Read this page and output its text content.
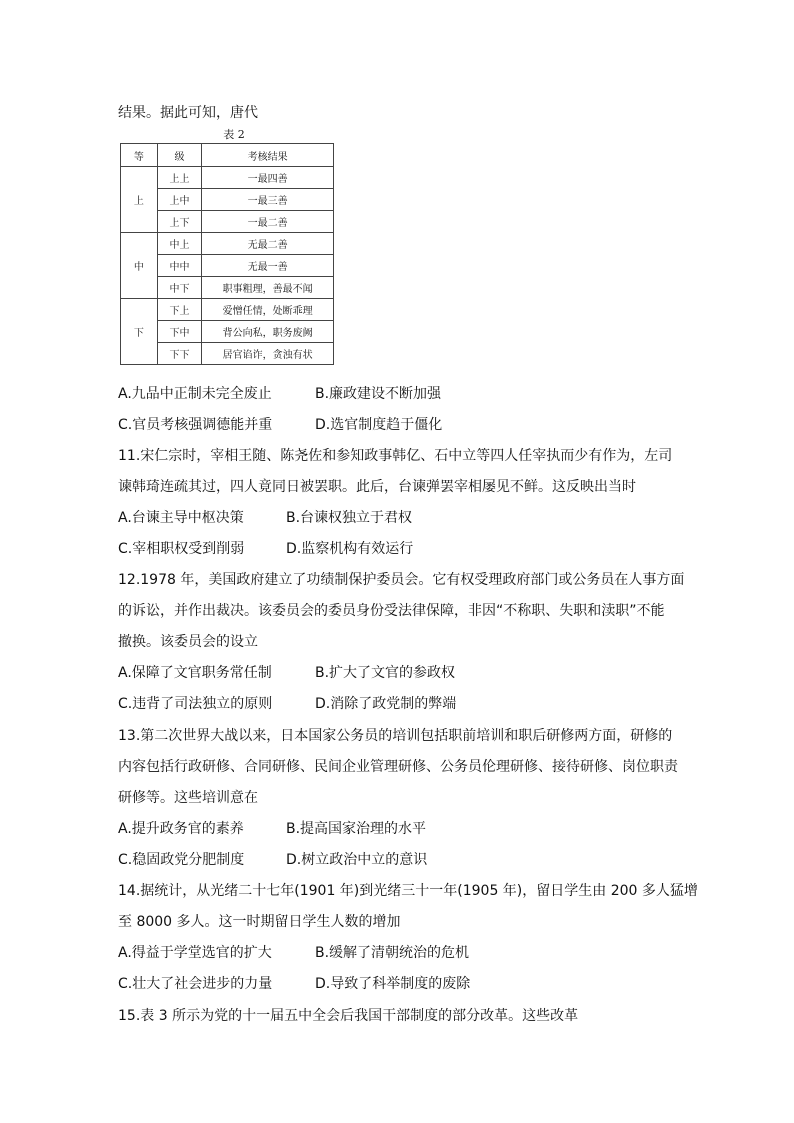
结果。据此可知，唐代
表 2
等	级	考核结果
上	上上	一最四善
	上中	一最三善
	上下	一最二善
中	中上	无最二善
	中中	无最一善
	中下	职事粗理，善最不闻
下	下上	爱憎任情，处断乖理
	下中	背公向私，职务废阙
	下下	居官谄诈，贪浊有状
A.九品中正制未完全废止	B.廉政建设不断加强
C.官员考核强调德能并重	D.选官制度趋于僵化
11.宋仁宗时，宰相王随、陈尧佐和参知政事韩亿、石中立等四人任宰执而少有作为，左司
谏韩琦连疏其过，四人竟同日被罢职。此后，台谏弹罢宰相屡见不鲜。这反映出当时
A.台谏主导中枢决策	B.台谏权独立于君权
C.宰相职权受到削弱	D.监察机构有效运行
12.1978 年，美国政府建立了功绩制保护委员会。它有权受理政府部门或公务员在人事方面
的诉讼，并作出裁决。该委员会的委员身份受法律保障，非因“不称职、失职和渎职”不能
撤换。该委员会的设立
A.保障了文官职务常任制	B.扩大了文官的参政权
C.违背了司法独立的原则	D.消除了政党制的弊端
13.第二次世界大战以来，日本国家公务员的培训包括职前培训和职后研修两方面，研修的
内容包括行政研修、合同研修、民间企业管理研修、公务员伦理研修、接待研修、岗位职责
研修等。这些培训意在
A.提升政务官的素养	B.提高国家治理的水平
C.稳固政党分肥制度	D.树立政治中立的意识
14.据统计，从光绪二十七年(1901 年)到光绪三十一年(1905 年)，留日学生由 200 多人猛增
至 8000 多人。这一时期留日学生人数的增加
A.得益于学堂选官的扩大	B.缓解了清朝统治的危机
C.壮大了社会进步的力量	D.导致了科举制度的废除
15.表 3 所示为党的十一届五中全会后我国干部制度的部分改革。这些改革
